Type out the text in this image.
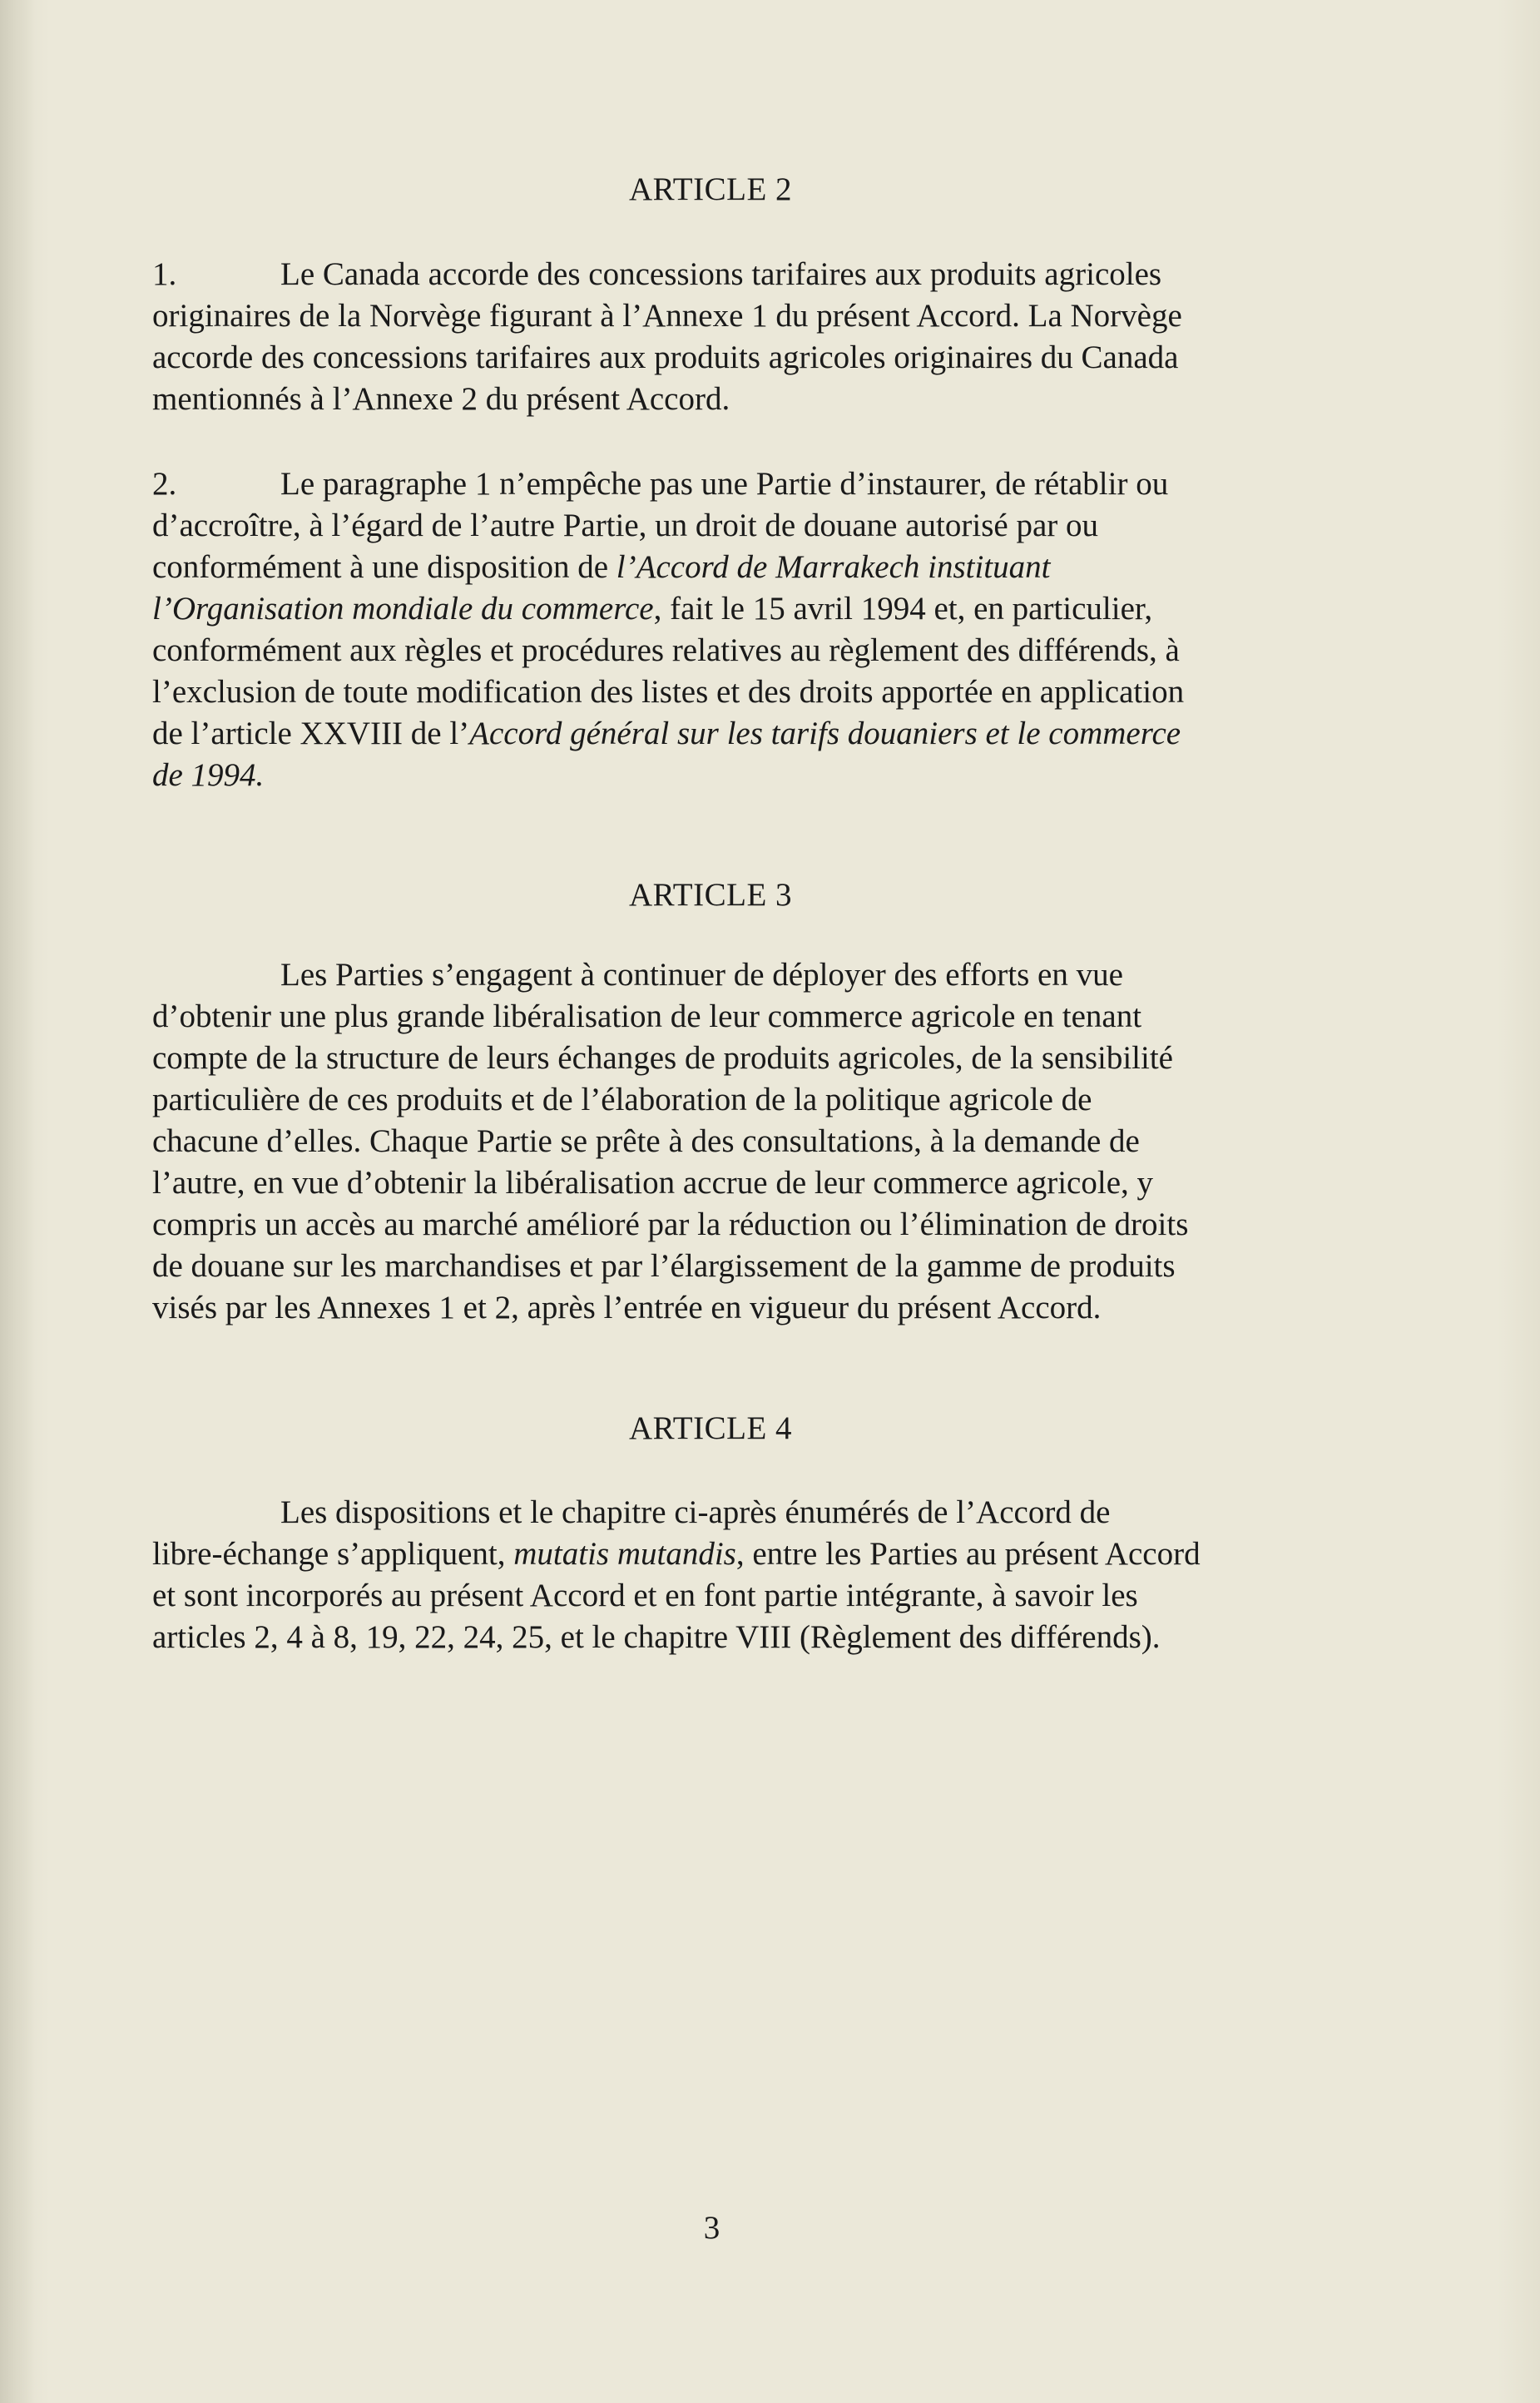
ARTICLE 2
1.	Le Canada accorde des concessions tarifaires aux produits agricoles
originaires de la Norvège figurant à l’Annexe 1 du présent Accord. La Norvège
accorde des concessions tarifaires aux produits agricoles originaires du Canada
mentionnés à l’Annexe 2 du présent Accord.
2.	Le paragraphe 1 n’empêche pas une Partie d’instaurer, de rétablir ou
d’accroître, à l’égard de l’autre Partie, un droit de douane autorisé par ou
conformément à une disposition de l’Accord de Marrakech instituant
l’Organisation mondiale du commerce, fait le 15 avril 1994 et, en particulier,
conformément aux règles et procédures relatives au règlement des différends, à
l’exclusion de toute modification des listes et des droits apportée en application
de l’article XXVIII de l’Accord général sur les tarifs douaniers et le commerce
de 1994.
ARTICLE 3
Les Parties s’engagent à continuer de déployer des efforts en vue
d’obtenir une plus grande libéralisation de leur commerce agricole en tenant
compte de la structure de leurs échanges de produits agricoles, de la sensibilité
particulière de ces produits et de l’élaboration de la politique agricole de
chacune d’elles. Chaque Partie se prête à des consultations, à la demande de
l’autre, en vue d’obtenir la libéralisation accrue de leur commerce agricole, y
compris un accès au marché amélioré par la réduction ou l’élimination de droits
de douane sur les marchandises et par l’élargissement de la gamme de produits
visés par les Annexes 1 et 2, après l’entrée en vigueur du présent Accord.
ARTICLE 4
Les dispositions et le chapitre ci-après énumérés de l’Accord de
libre-échange s’appliquent, mutatis mutandis, entre les Parties au présent Accord
et sont incorporés au présent Accord et en font partie intégrante, à savoir les
articles 2, 4 à 8, 19, 22, 24, 25, et le chapitre VIII (Règlement des différends).
3
